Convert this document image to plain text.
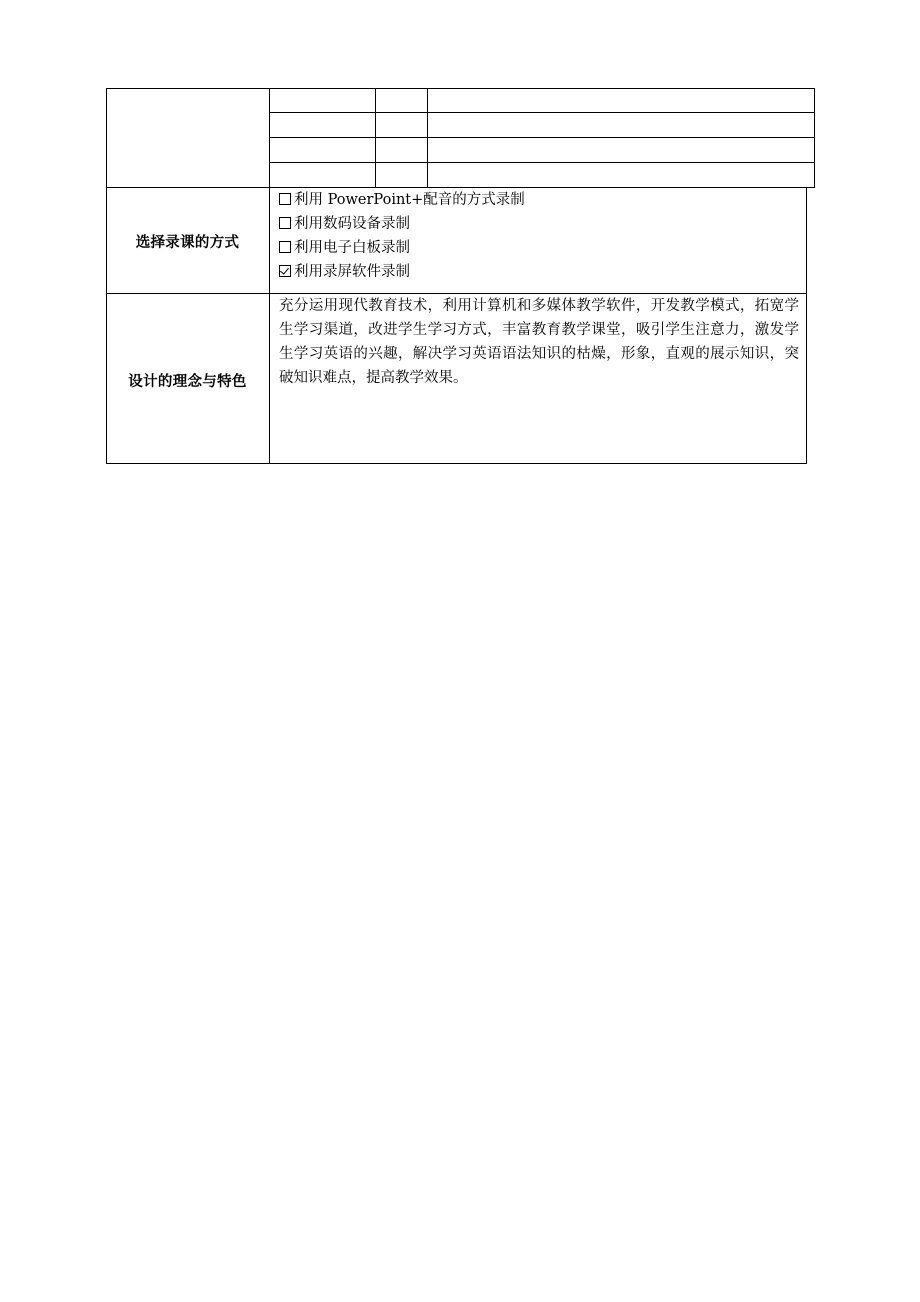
选择录课的方式
利用 PowerPoint+配音的方式录制
利用数码设备录制
利用电子白板录制
利用录屏软件录制
设计的理念与特色
充分运用现代教育技术，利用计算机和多媒体教学软件，开发教学模式，拓宽学生学习渠道，改进学生学习方式，丰富教育教学课堂，吸引学生注意力，激发学生学习英语的兴趣，解决学习英语语法知识的枯燥，形象，直观的展示知识，突破知识难点，提高教学效果。
